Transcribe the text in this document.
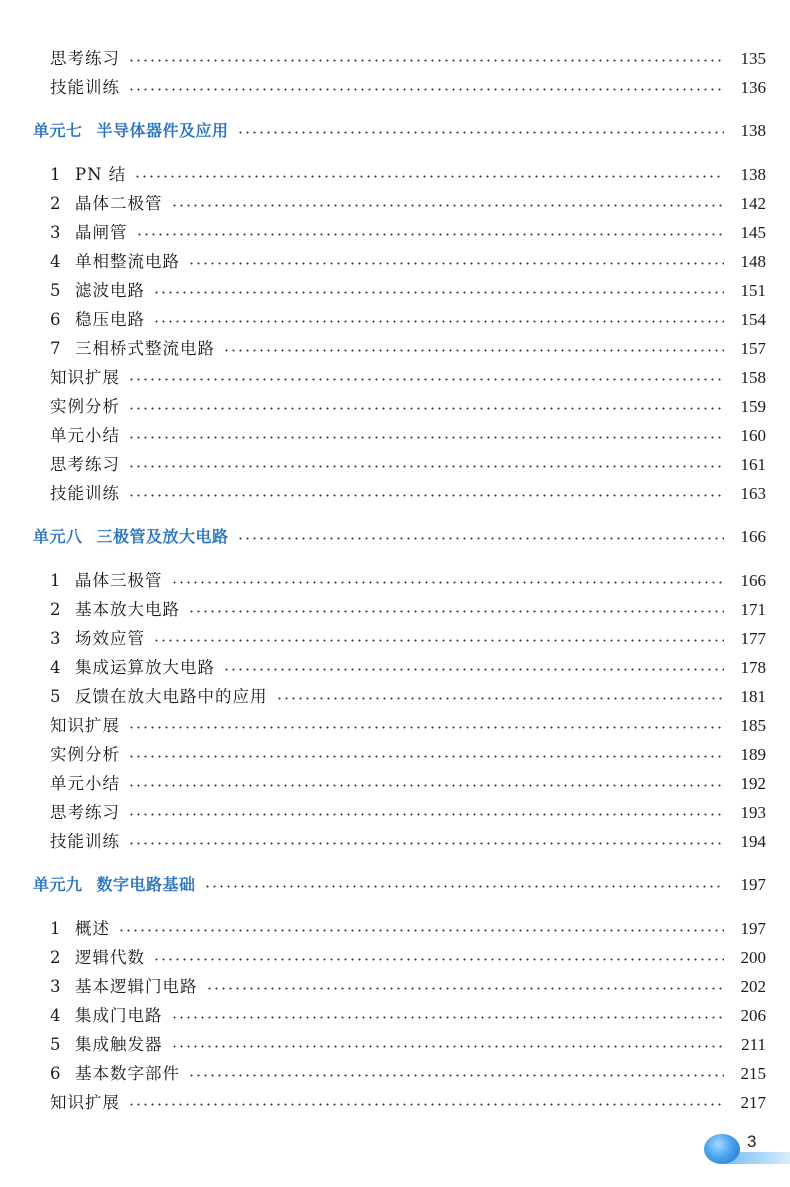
思考练习	135
技能训练	136
单元七 半导体器件及应用	138
1 PN 结	138
2 晶体二极管	142
3 晶闸管	145
4 单相整流电路	148
5 滤波电路	151
6 稳压电路	154
7 三相桥式整流电路	157
知识扩展	158
实例分析	159
单元小结	160
思考练习	161
技能训练	163
单元八 三极管及放大电路	166
1 晶体三极管	166
2 基本放大电路	171
3 场效应管	177
4 集成运算放大电路	178
5 反馈在放大电路中的应用	181
知识扩展	185
实例分析	189
单元小结	192
思考练习	193
技能训练	194
单元九 数字电路基础	197
1 概述	197
2 逻辑代数	200
3 基本逻辑门电路	202
4 集成门电路	206
5 集成触发器	211
6 基本数字部件	215
知识扩展	217
3
